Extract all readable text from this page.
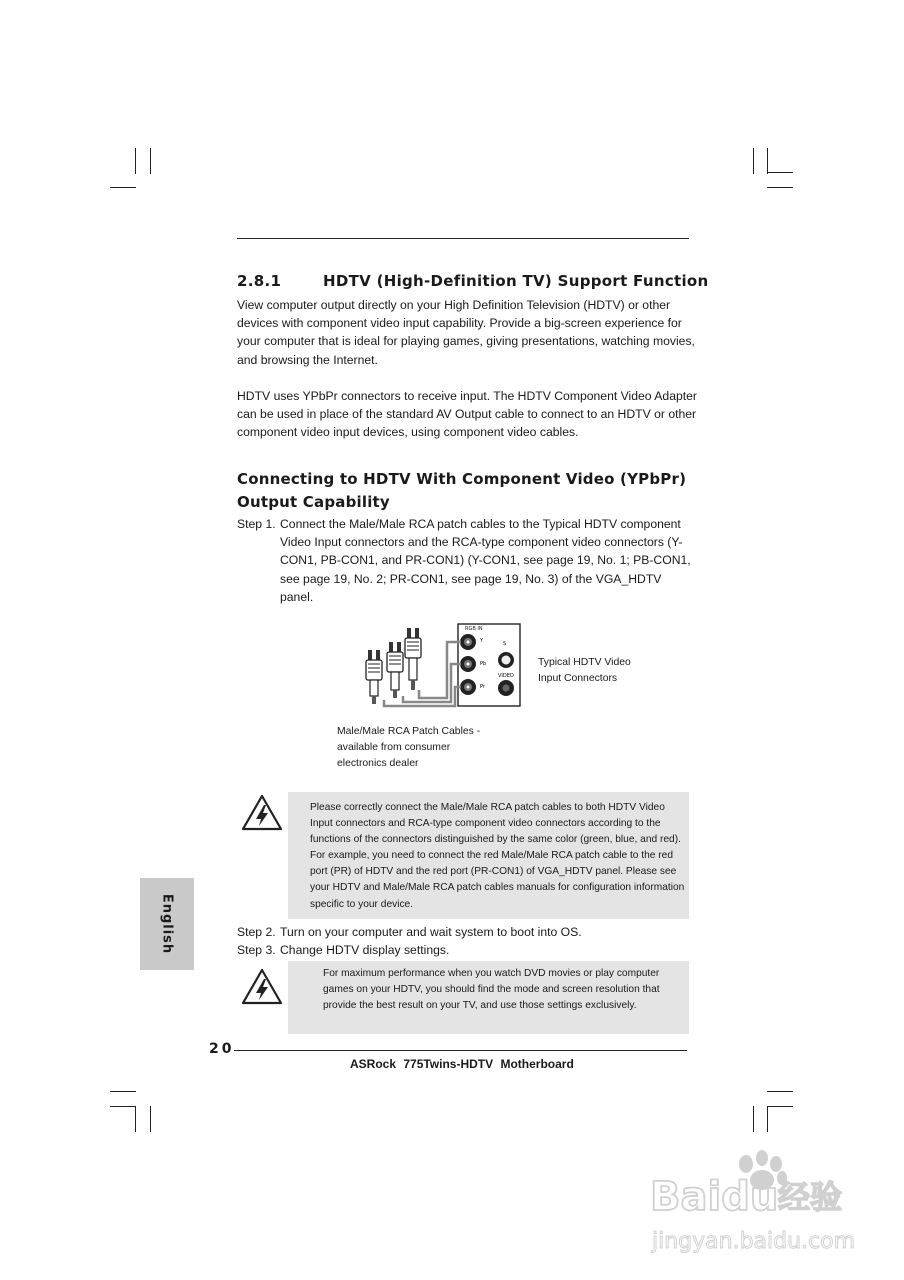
2.8.1	HDTV (High-Definition TV) Support Function

View computer output directly on your High Definition Television (HDTV) or other devices with component video input capability. Provide a big-screen experience for your computer that is ideal for playing games, giving presentations, watching movies, and browsing the Internet.

HDTV uses YPbPr connectors to receive input. The HDTV Component Video Adapter can be used in place of the standard AV Output cable to connect to an HDTV or other component video input devices, using component video cables.

Connecting to HDTV With Component Video (YPbPr) Output Capability
Step 1. Connect the Male/Male RCA patch cables to the Typical HDTV component
Video Input connectors and the RCA-type component video connectors (Y-CON1, PB-CON1, and PR-CON1) (Y-CON1, see page 19, No. 1; PB-CON1, see page 19, No. 2; PR-CON1, see page 19, No. 3) of the VGA_HDTV panel.
RGB IN
Y
Pb
Pr
S
VIDEO
Typical HDTV Video
Input Connectors
Male/Male RCA Patch Cables -
available from consumer
electronics dealer
Please correctly connect the Male/Male RCA patch cables to both HDTV Video Input connectors and RCA-type component video connectors according to the functions of the connectors distinguished by the same color (green, blue, and red). For example, you need to connect the red Male/Male RCA patch cable to the red port (PR) of HDTV and the red port (PR-CON1) of VGA_HDTV panel. Please see your HDTV and Male/Male RCA patch cables manuals for configuration information specific to your device.
English	Step 2. Turn on your computer and wait system to boot into OS.
Step 3. Change HDTV display settings.
For maximum performance when you watch DVD movies or play computer games on your HDTV, you should find the mode and screen resolution that provide the best result on your TV, and use those settings exclusively.
20
ASRock 775Twins-HDTV Motherboard
Baidu 经验
jingyan.baidu.com
